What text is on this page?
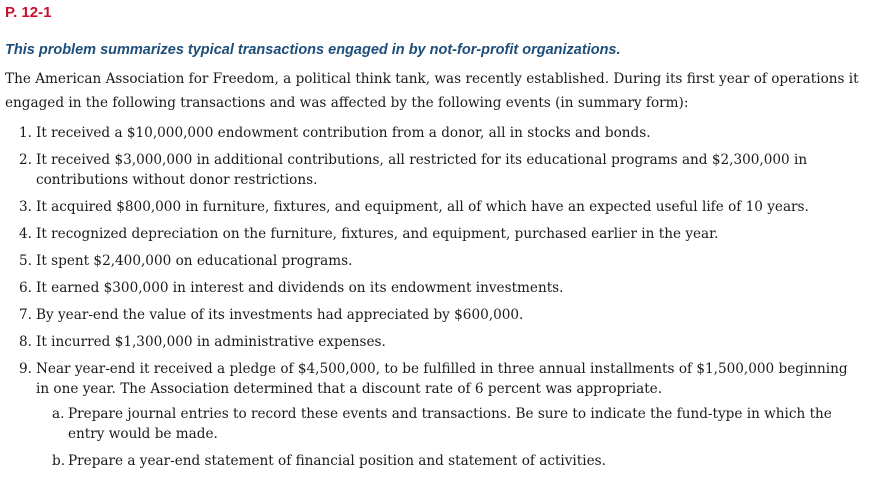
P. 12-1
This problem summarizes typical transactions engaged in by not-for-profit organizations.

The American Association for Freedom, a political think tank, was recently established. During its first year of operations it engaged in the following transactions and was affected by the following events (in summary form):

1. It received a $10,000,000 endowment contribution from a donor, all in stocks and bonds.
2. It received $3,000,000 in additional contributions, all restricted for its educational programs and $2,300,000 in contributions without donor restrictions.
3. It acquired $800,000 in furniture, fixtures, and equipment, all of which have an expected useful life of 10 years.
4. It recognized depreciation on the furniture, fixtures, and equipment, purchased earlier in the year.
5. It spent $2,400,000 on educational programs.
6. It earned $300,000 in interest and dividends on its endowment investments.
7. By year-end the value of its investments had appreciated by $600,000.
8. It incurred $1,300,000 in administrative expenses.
9. Near year-end it received a pledge of $4,500,000, to be fulfilled in three annual installments of $1,500,000 beginning in one year. The Association determined that a discount rate of 6 percent was appropriate.
a. Prepare journal entries to record these events and transactions. Be sure to indicate the fund-type in which the entry would be made.
b. Prepare a year-end statement of financial position and statement of activities.
